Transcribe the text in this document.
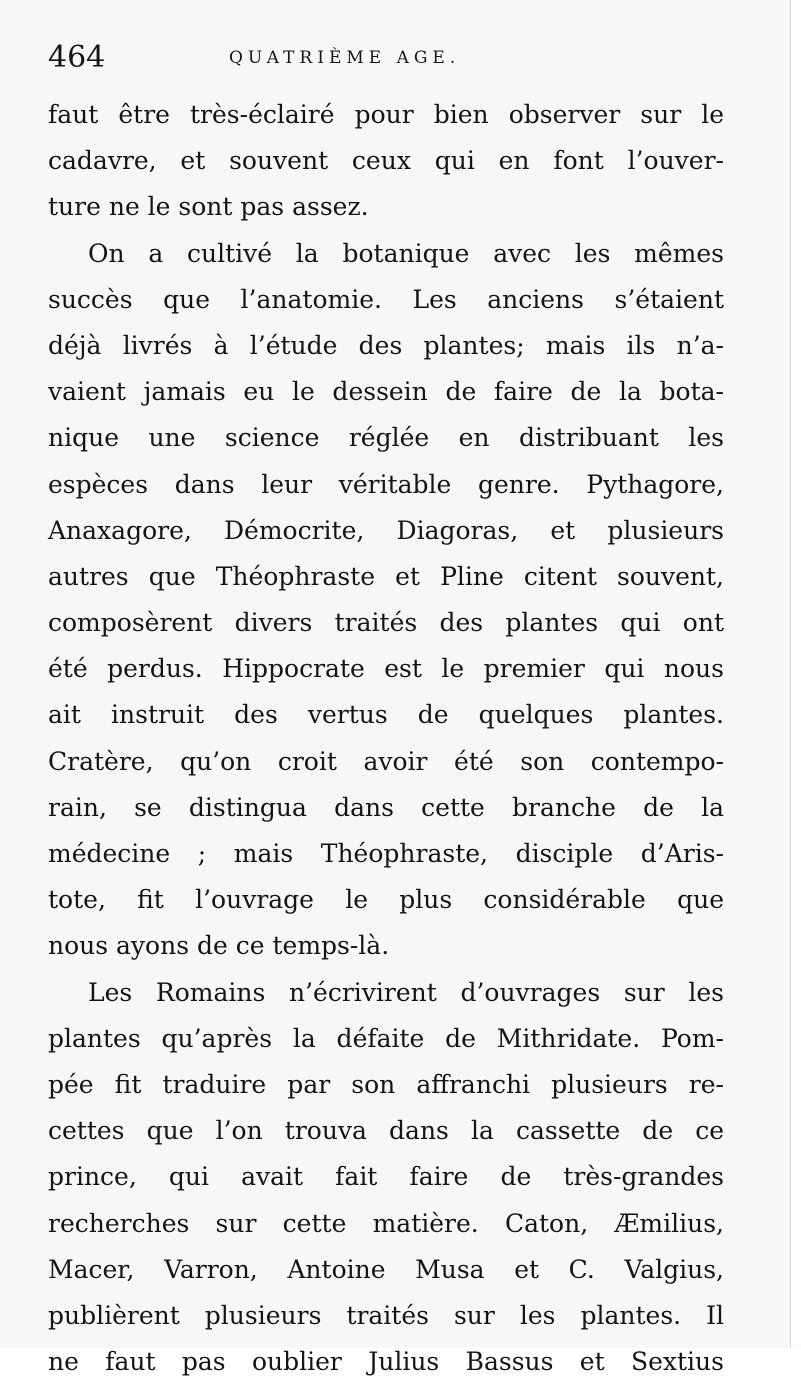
464	QUATRIÈME AGE.
faut être très-éclairé pour bien observer sur le
cadavre, et souvent ceux qui en font l’ouver-
ture ne le sont pas assez.
On a cultivé la botanique avec les mêmes
succès que l’anatomie. Les anciens s’étaient
déjà livrés à l’étude des plantes; mais ils n’a-
vaient jamais eu le dessein de faire de la bota-
nique une science réglée en distribuant les
espèces dans leur véritable genre. Pythagore,
Anaxagore, Démocrite, Diagoras, et plusieurs
autres que Théophraste et Pline citent souvent,
composèrent divers traités des plantes qui ont
été perdus. Hippocrate est le premier qui nous
ait instruit des vertus de quelques plantes.
Cratère, qu’on croit avoir été son contempo-
rain, se distingua dans cette branche de la
médecine ; mais Théophraste, disciple d’Aris-
tote, fit l’ouvrage le plus considérable que
nous ayons de ce temps-là.
Les Romains n’écrivirent d’ouvrages sur les
plantes qu’après la défaite de Mithridate. Pom-
pée fit traduire par son affranchi plusieurs re-
cettes que l’on trouva dans la cassette de ce
prince, qui avait fait faire de très-grandes
recherches sur cette matière. Caton, Æmilius,
Macer, Varron, Antoine Musa et C. Valgius,
publièrent plusieurs traités sur les plantes. Il
ne faut pas oublier Julius Bassus et Sextius
